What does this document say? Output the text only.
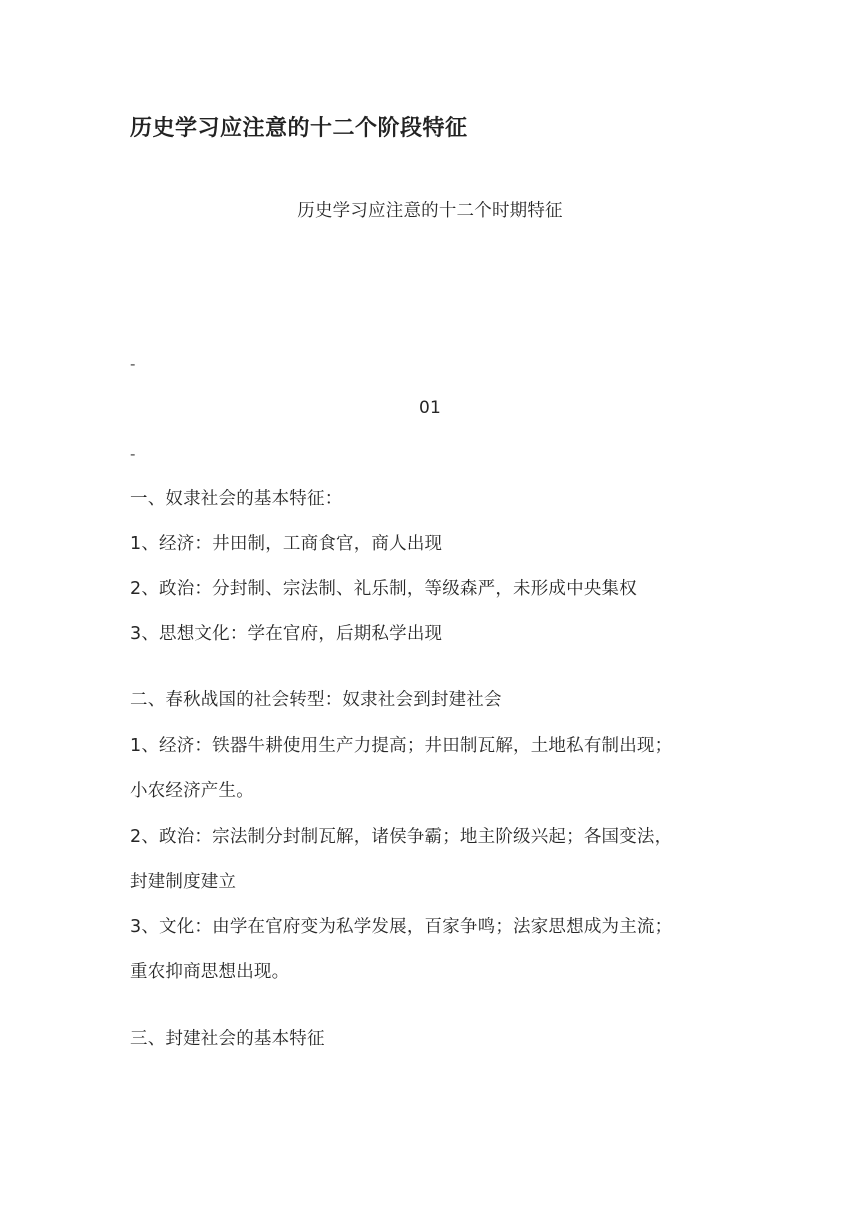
历史学习应注意的十二个阶段特征
历史学习应注意的十二个时期特征
-
01
-
一、奴隶社会的基本特征：
1、经济：井田制，工商食官，商人出现
2、政治：分封制、宗法制、礼乐制，等级森严，未形成中央集权
3、思想文化：学在官府，后期私学出现
二、春秋战国的社会转型：奴隶社会到封建社会
1、经济：铁器牛耕使用生产力提高；井田制瓦解，土地私有制出现；
小农经济产生。
2、政治：宗法制分封制瓦解，诸侯争霸；地主阶级兴起；各国变法，
封建制度建立
3、文化：由学在官府变为私学发展，百家争鸣；法家思想成为主流；
重农抑商思想出现。
三、封建社会的基本特征
